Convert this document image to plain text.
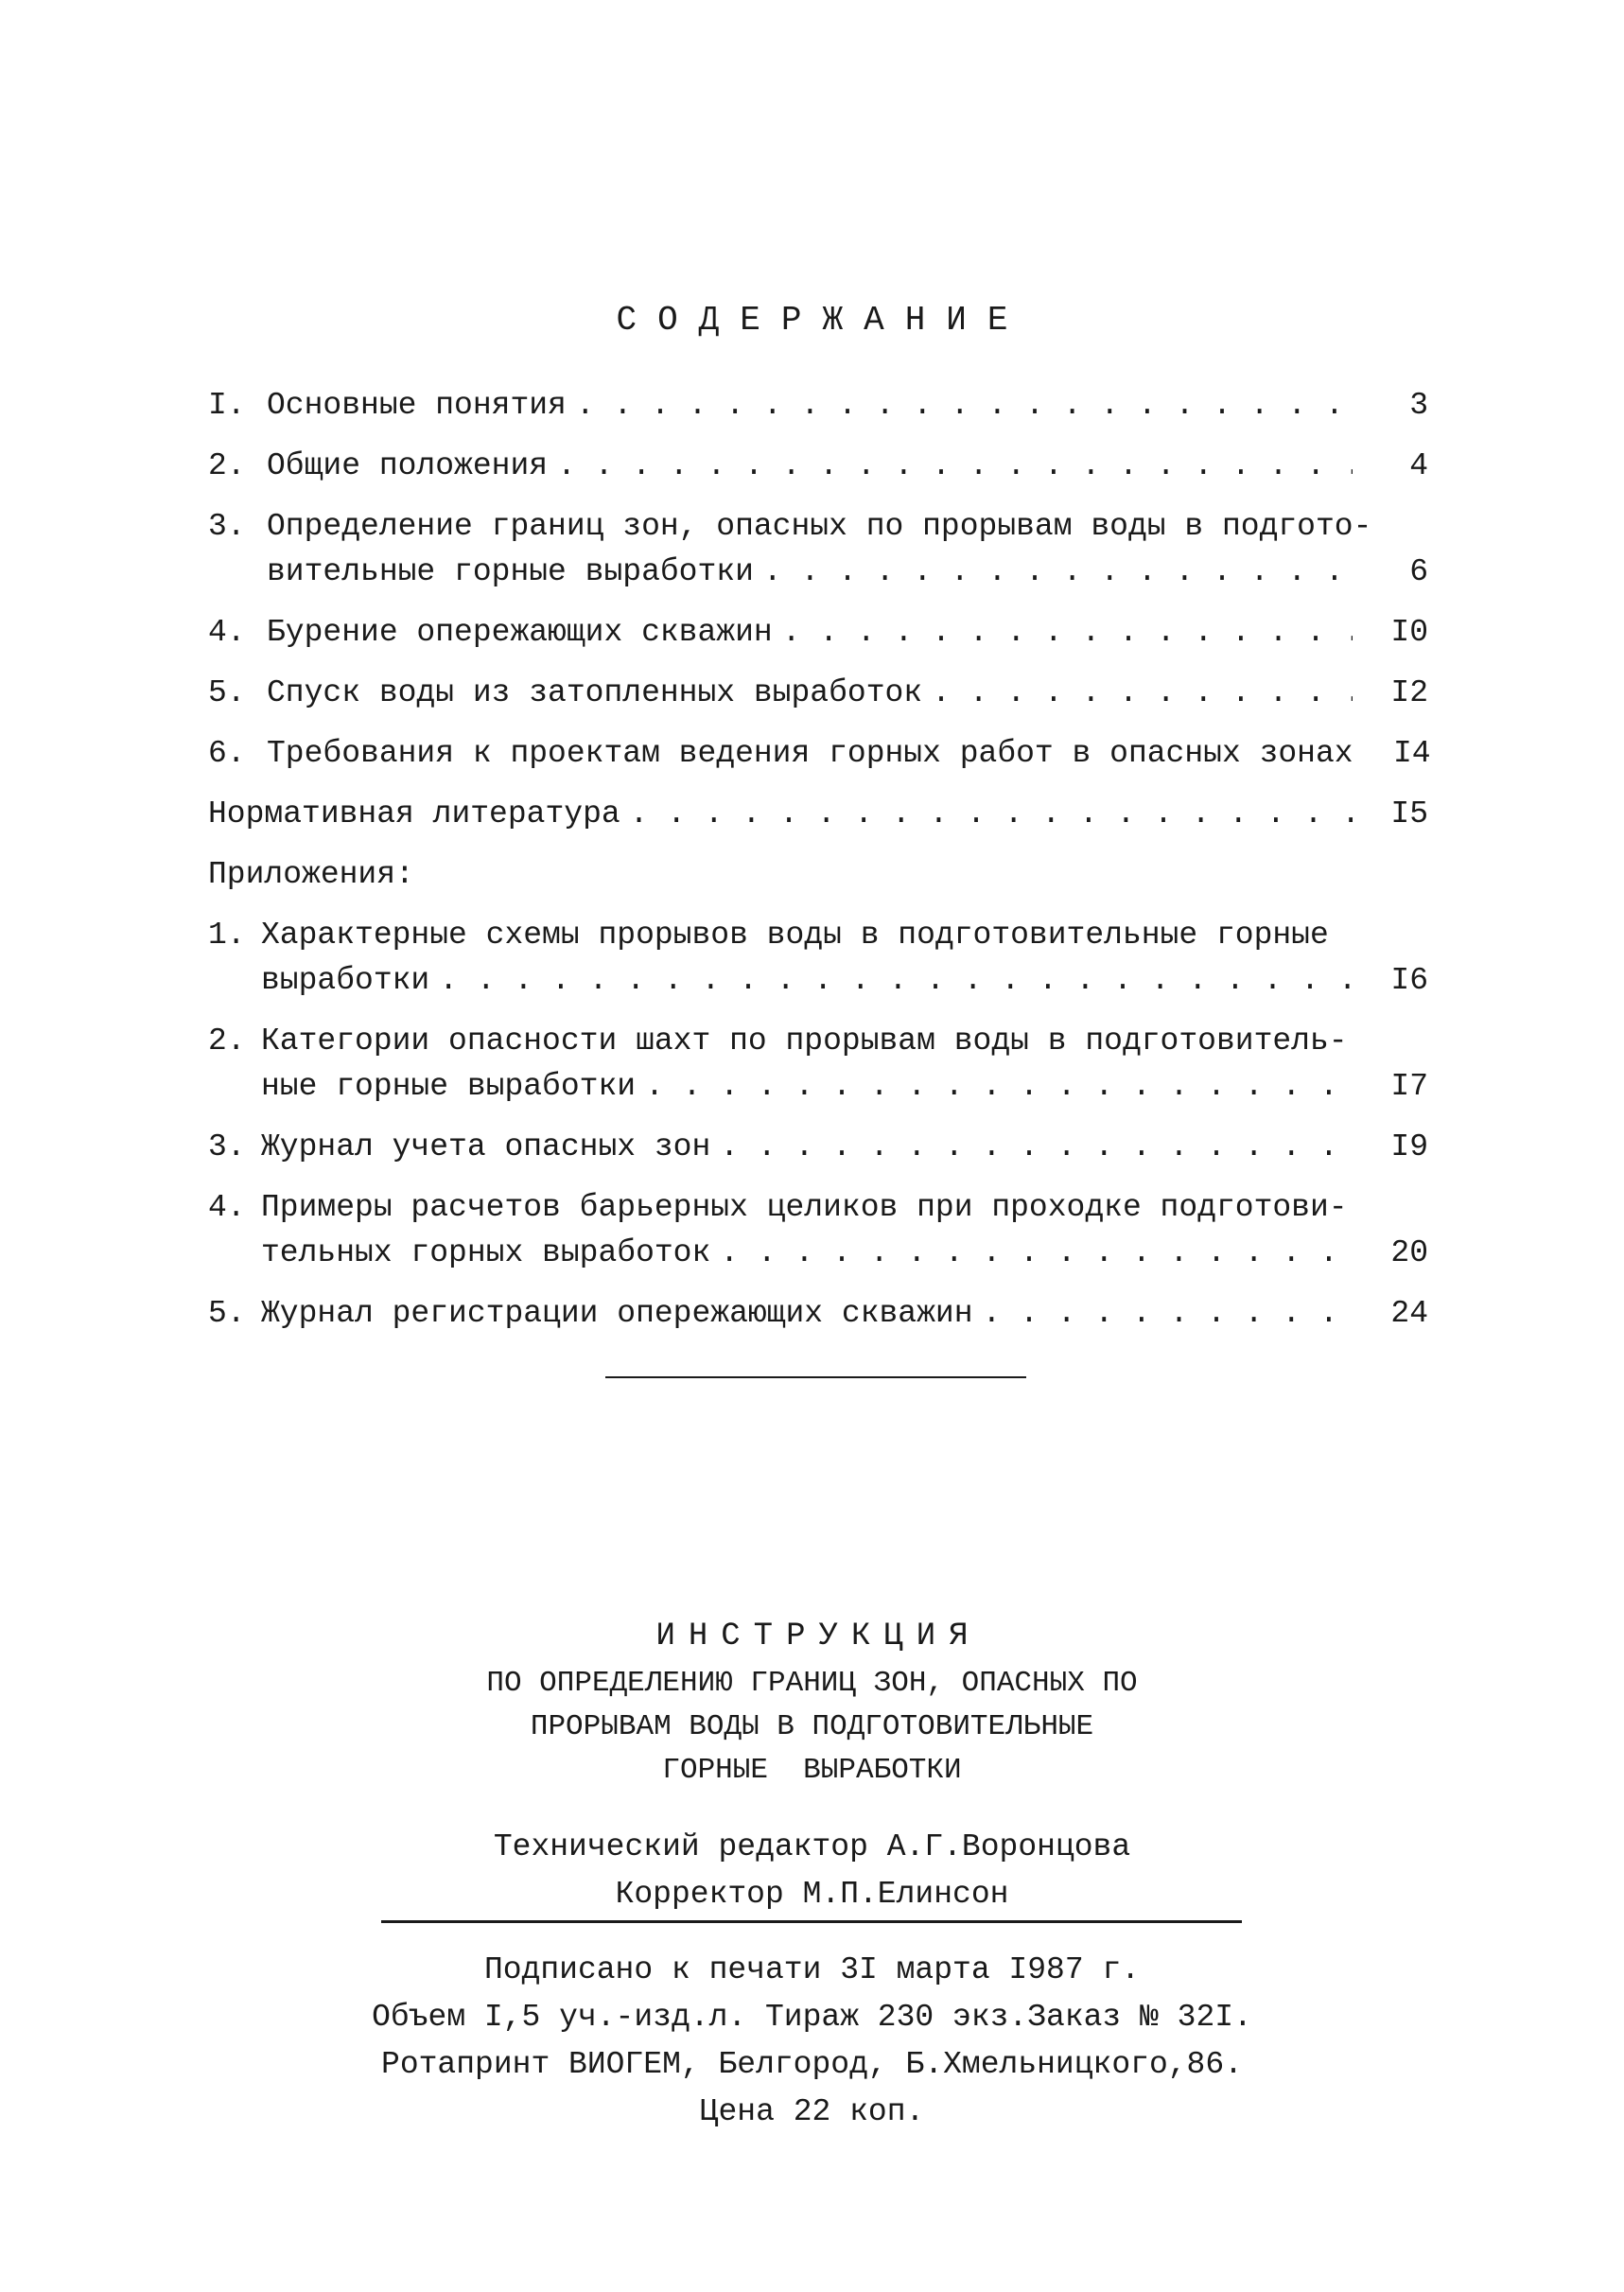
СОДЕРЖАНИЕ
I. Основные понятия . . .	3
2. Общие положения . . .	4
3. Определение границ зон, опасных по прорывам воды в подгото-
вительные горные выработки . . .	6
4. Бурение опережающих скважин . . .	I0
5. Спуск воды из затопленных выработок . . .	I2
6. Требования к проектам ведения горных работ в опасных зонах	I4
Нормативная литература . . .	I5
Приложения:
1. Характерные схемы прорывов воды в подготовительные горные
выработки . . .	I6
2. Категории опасности шахт по прорывам воды в подготовитель-
ные горные выработки . . .	I7
3. Журнал учета опасных зон . . .	I9
4. Примеры расчетов барьерных целиков при проходке подготови-
тельных горных выработок . . .	20
5. Журнал регистрации опережающих скважин . . .	24
ИНСТРУКЦИЯ
ПО ОПРЕДЕЛЕНИЮ ГРАНИЦ ЗОН, ОПАСНЫХ ПО
ПРОРЫВАМ ВОДЫ В ПОДГОТОВИТЕЛЬНЫЕ
ГОРНЫЕ  ВЫРАБОТКИ
Технический редактор А.Г.Воронцова
Корректор М.П.Елинсон
Подписано к печати 3I марта I987 г.
Объем I,5 уч.-изд.л. Тираж 230 экз.Заказ № 32I.
Ротапринт ВИОГЕМ, Белгород, Б.Хмельницкого,86.
Цена 22 коп.
